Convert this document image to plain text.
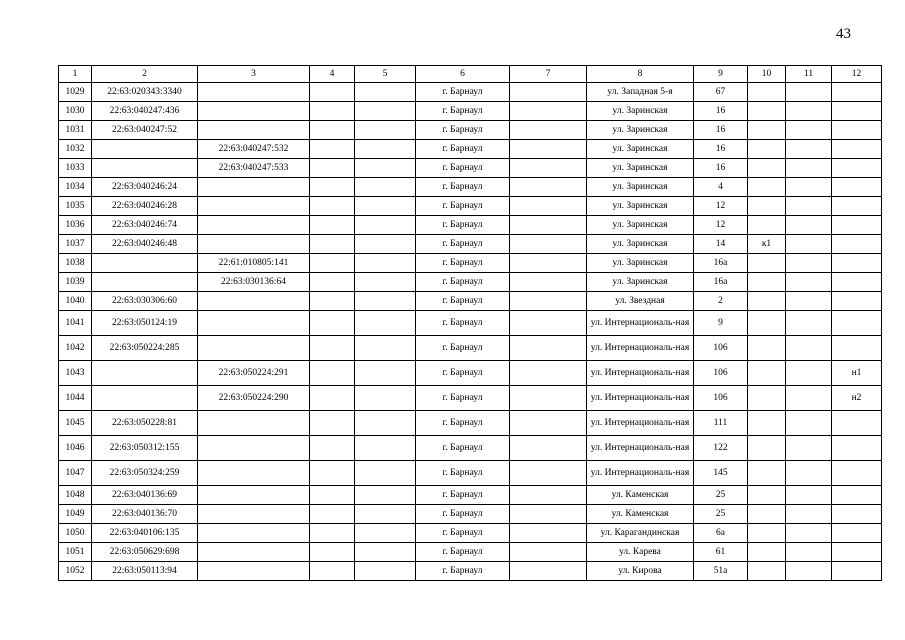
43
1	2	3	4	5	6	7	8	9	10	11	12
1029	22:63:020343:3340				г. Барнаул		ул. Западная 5-я	67			
1030	22:63:040247:436				г. Барнаул		ул. Заринская	16			
1031	22:63:040247:52				г. Барнаул		ул. Заринская	16			
1032		22:63:040247:532			г. Барнаул		ул. Заринская	16			
1033		22:63:040247:533			г. Барнаул		ул. Заринская	16			
1034	22:63:040246:24				г. Барнаул		ул. Заринская	4			
1035	22:63:040246:28				г. Барнаул		ул. Заринская	12			
1036	22:63:040246:74				г. Барнаул		ул. Заринская	12			
1037	22:63:040246:48				г. Барнаул		ул. Заринская	14	к1		
1038		22:61:010805:141			г. Барнаул		ул. Заринская	16а			
1039		22:63:030136:64			г. Барнаул		ул. Заринская	16а			
1040	22:63:030306:60				г. Барнаул		ул. Звездная	2			
1041	22:63:050124:19				г. Барнаул		ул. Интернациональ-ная	9			
1042	22:63:050224:285				г. Барнаул		ул. Интернациональ-ная	106			
1043		22:63:050224:291			г. Барнаул		ул. Интернациональ-ная	106			н1
1044		22:63:050224:290			г. Барнаул		ул. Интернациональ-ная	106			н2
1045	22:63:050228:81				г. Барнаул		ул. Интернациональ-ная	111			
1046	22:63:050312:155				г. Барнаул		ул. Интернациональ-ная	122			
1047	22:63:050324:259				г. Барнаул		ул. Интернациональ-ная	145			
1048	22:63:040136:69				г. Барнаул		ул. Каменская	25			
1049	22:63:040136:70				г. Барнаул		ул. Каменская	25			
1050	22:63:040106:135				г. Барнаул		ул. Карагандинская	6а			
1051	22:63:050629:698				г. Барнаул		ул. Карева	61			
1052	22:63:050113:94				г. Барнаул		ул. Кирова	51а			
